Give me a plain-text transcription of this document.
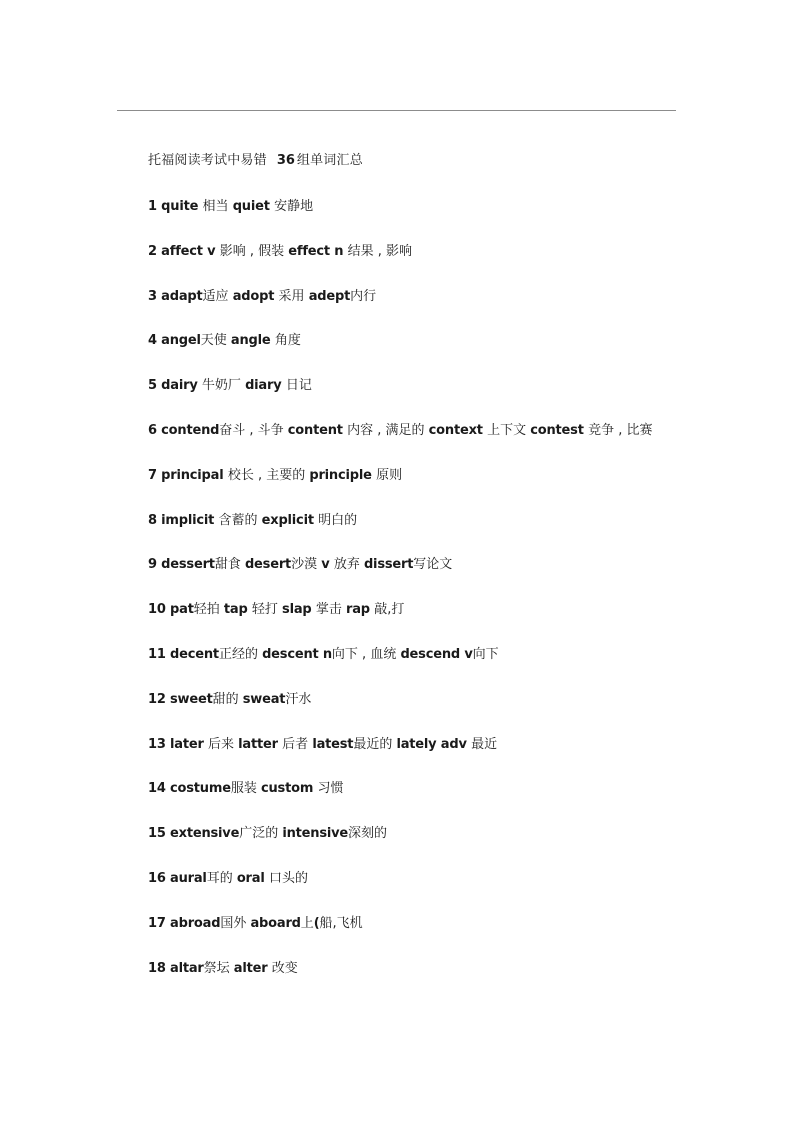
托福阅读考试中易错 36 组单词汇总
1 quite 相当 quiet 安静地
2 affect v 影响 , 假装 effect n 结果 , 影响
3 adapt适应 adopt 采用 adept内行
4 angel天使 angle 角度
5 dairy 牛奶厂 diary 日记
6 contend奋斗 , 斗争 content 内容 , 满足的 context 上下文 contest 竞争 , 比赛
7 principal 校长 , 主要的 principle 原则
8 implicit 含蓄的 explicit 明白的
9 dessert甜食 desert沙漠 v 放弃 dissert写论文
10 pat轻拍 tap 轻打 slap 掌击 rap 敲,打
11 decent正经的 descent n向下 , 血统 descend v向下
12 sweet甜的 sweat汗水
13 later 后来 latter 后者 latest最近的 lately adv 最近
14 costume服装 custom 习惯
15 extensive广泛的 intensive深刻的
16 aural耳的 oral 口头的
17 abroad国外 aboard上(船,飞机
18 altar祭坛 alter 改变
